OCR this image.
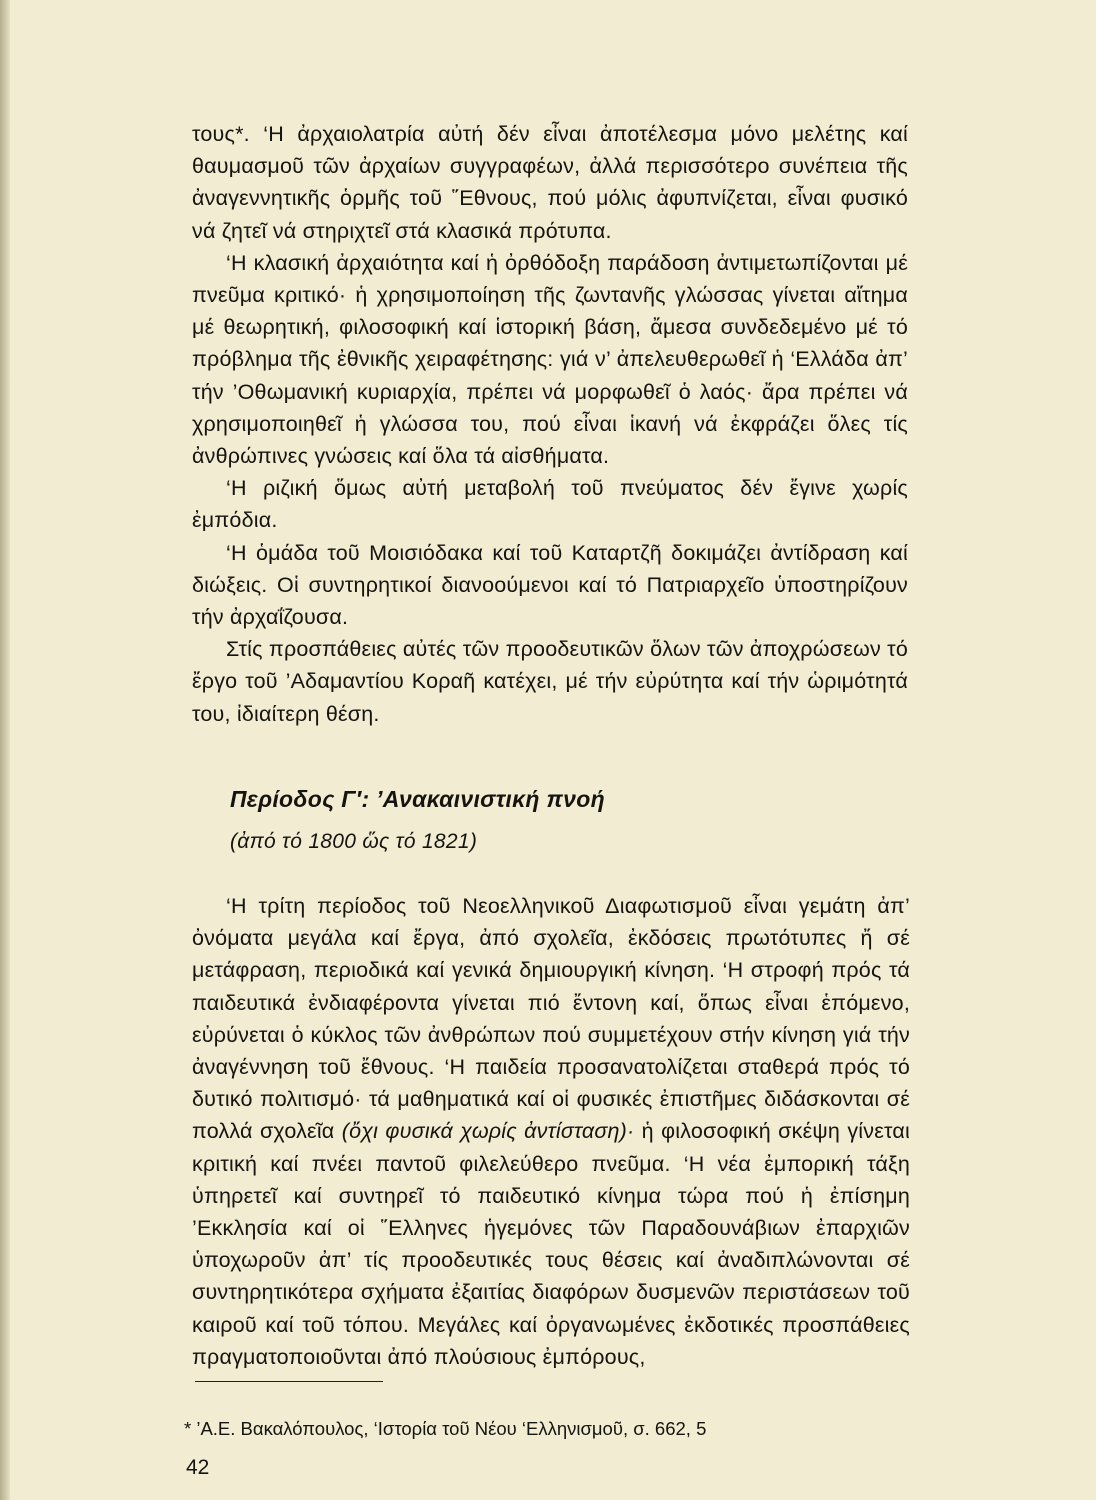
τους*. ‘Η ἀρχαιολατρία αὐτή δέν εἶναι ἀποτέλεσμα μόνο μελέτης καί θαυμασμοῦ τῶν ἀρχαίων συγγραφέων, ἀλλά περισσότερο συνέπεια τῆς ἀναγεννητικῆς ὁρμῆς τοῦ ῞Εθνους, πού μόλις ἀφυπνίζεται, εἶναι φυσικό νά ζητεῖ νά στηριχτεῖ στά κλασικά πρότυπα.

‘Η κλασική ἀρχαιότητα καί ἡ ὀρθόδοξη παράδοση ἀντιμετωπίζονται μέ πνεῦμα κριτικό· ἡ χρησιμοποίηση τῆς ζωντανῆς γλώσσας γίνεται αἴτημα μέ θεωρητική, φιλοσοφική καί ἱστορική βάση, ἄμεσα συνδεδεμένο μέ τό πρόβλημα τῆς ἐθνικῆς χειραφέτησης: γιά ν’ ἀπελευθερωθεῖ ἡ ‘Ελλάδα ἀπ’ τήν ’Οθωμανική κυριαρχία, πρέπει νά μορφωθεῖ ὁ λαός· ἄρα πρέπει νά χρησιμοποιηθεῖ ἡ γλώσσα του, πού εἶναι ἱκανή νά ἐκφράζει ὅλες τίς ἀνθρώπινες γνώσεις καί ὅλα τά αἰσθήματα.

‘Η ριζική ὅμως αὐτή μεταβολή τοῦ πνεύματος δέν ἔγινε χωρίς ἐμπόδια.

‘Η ὁμάδα τοῦ Μοισιόδακα καί τοῦ Καταρτζῆ δοκιμάζει ἀντίδραση καί διώξεις. Οἱ συντηρητικοί διανοούμενοι καί τό Πατριαρχεῖο ὑποστηρίζουν τήν ἀρχαΐζουσα.

Στίς προσπάθειες αὐτές τῶν προοδευτικῶν ὅλων τῶν ἀποχρώσεων τό ἔργο τοῦ ’Αδαμαντίου Κοραῆ κατέχει, μέ τήν εὐρύτητα καί τήν ὡριμότητά του, ἰδιαίτερη θέση.

Περίοδος Γ′: ’Ανακαινιστική πνοή

(ἀπό τό 1800 ὥς τό 1821)

‘Η τρίτη περίοδος τοῦ Νεοελληνικοῦ Διαφωτισμοῦ εἶναι γεμάτη ἀπ’ ὀνόματα μεγάλα καί ἔργα, ἀπό σχολεῖα, ἐκδόσεις πρωτότυπες ἤ σέ μετάφραση, περιοδικά καί γενικά δημιουργική κίνηση. ‘Η στροφή πρός τά παιδευτικά ἐνδιαφέροντα γίνεται πιό ἔντονη καί, ὅπως εἶναι ἑπόμενο, εὐρύνεται ὁ κύκλος τῶν ἀνθρώπων πού συμμετέχουν στήν κίνηση γιά τήν ἀναγέννηση τοῦ ἔθνους. ‘Η παιδεία προσανατολίζεται σταθερά πρός τό δυτικό πολιτισμό· τά μαθηματικά καί οἱ φυσικές ἐπιστῆμες διδάσκονται σέ πολλά σχολεῖα (ὄχι φυσικά χωρίς ἀντίσταση)· ἡ φιλοσοφική σκέψη γίνεται κριτική καί πνέει παντοῦ φιλελεύθερο πνεῦμα. ‘Η νέα ἐμπορική τάξη ὑπηρετεῖ καί συντηρεῖ τό παιδευτικό κίνημα τώρα πού ἡ ἐπίσημη ’Εκκλησία καί οἱ ῞Ελληνες ἡγεμόνες τῶν Παραδουνάβιων ἐπαρχιῶν ὑποχωροῦν ἀπ’ τίς προοδευτικές τους θέσεις καί ἀναδιπλώνονται σέ συντηρητικότερα σχήματα ἐξαιτίας διαφόρων δυσμενῶν περιστάσεων τοῦ καιροῦ καί τοῦ τόπου. Μεγάλες καί ὀργανωμένες ἐκδοτικές προσπάθειες πραγματοποιοῦνται ἀπό πλούσιους ἐμπόρους,

* ’Α.Ε. Βακαλόπουλος, ‘Ιστορία τοῦ Νέου ‘Ελληνισμοῦ, σ. 662, 5

42
